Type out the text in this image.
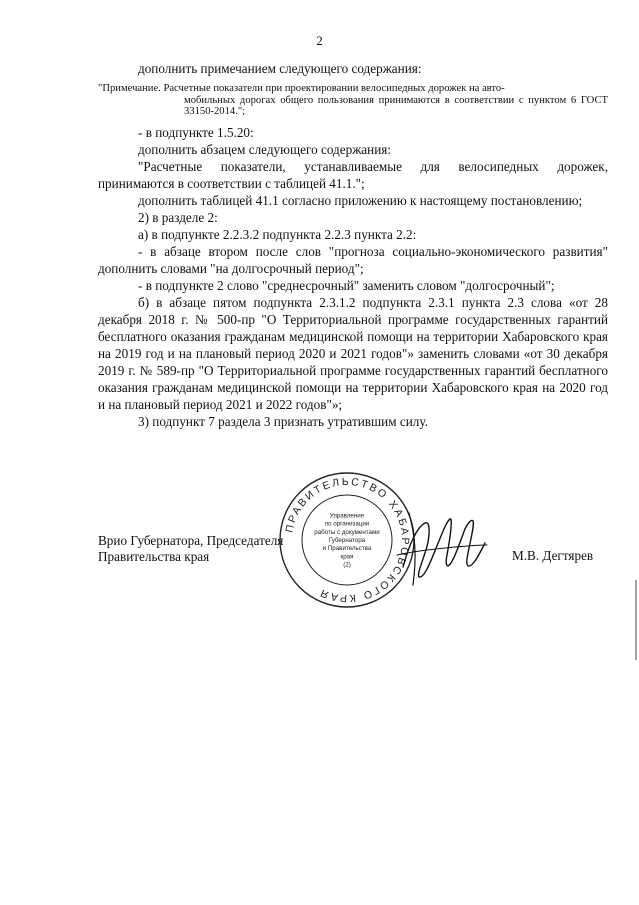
2

дополнить примечанием следующего содержания:

"Примечание. Расчетные показатели при проектировании велосипедных дорожек на авто-
мобильных дорогах общего пользования принимаются в соответствии с пунктом 6 ГОСТ 33150-2014.";

- в подпункте 1.5.20:

дополнить абзацем следующего содержания:

"Расчетные показатели, устанавливаемые для велосипедных дорожек, принимаются в соответствии с таблицей 41.1.";

дополнить таблицей 41.1 согласно приложению к настоящему постановлению;

2) в разделе 2:

а) в подпункте 2.2.3.2 подпункта 2.2.3 пункта 2.2:

- в абзаце втором после слов "прогноза социально-экономического развития" дополнить словами "на долгосрочный период";

- в подпункте 2 слово "среднесрочный" заменить словом "долгосрочный";

б) в абзаце пятом подпункта 2.3.1.2 подпункта 2.3.1 пункта 2.3 слова «от 28 декабря 2018 г. № 500-пр "О Территориальной программе государственных гарантий бесплатного оказания гражданам медицинской помощи на территории Хабаровского края на 2019 год и на плановый период 2020 и 2021 годов"» заменить словами «от 30 декабря 2019 г. № 589-пр "О Территориальной программе государственных гарантий бесплатного оказания гражданам медицинской помощи на территории Хабаровского края на 2020 год и на плановый период 2021 и 2022 годов"»;

3) подпункт 7 раздела 3 признать утратившим силу.

Врио Губернатора, Председателя
Правительства края	М.В. Дегтярев
ПРАВИТЕЛЬСТВО ХАБАРОВСКОГО КРАЯ
Управление
по организации
работы с документами
Губернатора
и Правительства
края
(2)
